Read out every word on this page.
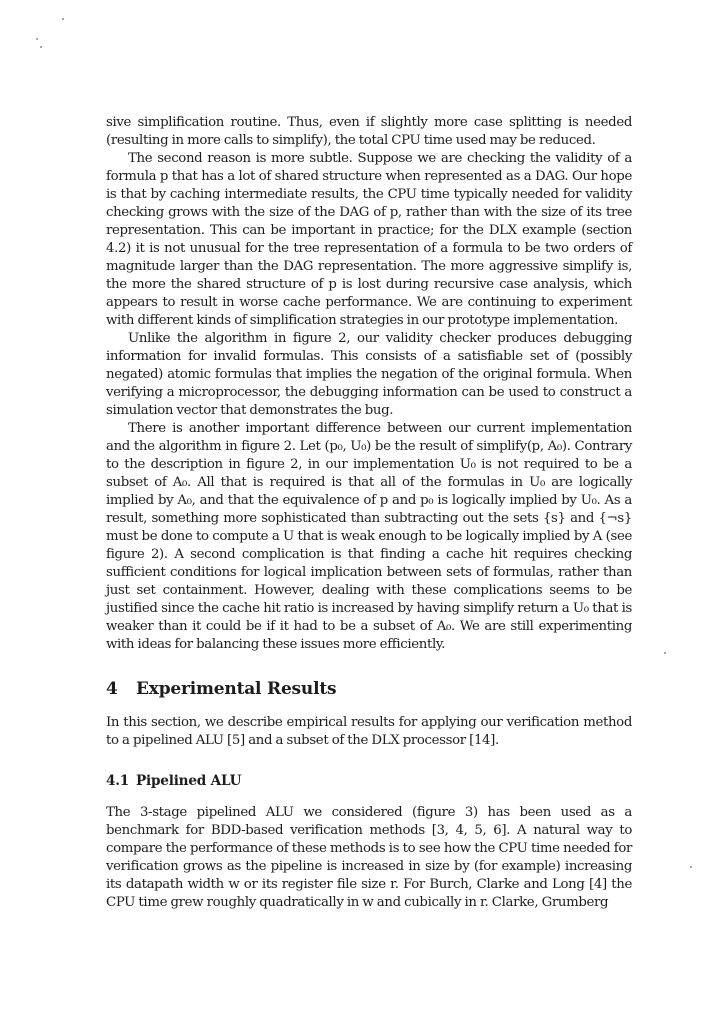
sive simplification routine. Thus, even if slightly more case splitting is needed (resulting in more calls to simplify), the total CPU time used may be reduced.

The second reason is more subtle. Suppose we are checking the validity of a formula p that has a lot of shared structure when represented as a DAG. Our hope is that by caching intermediate results, the CPU time typically needed for validity checking grows with the size of the DAG of p, rather than with the size of its tree representation. This can be important in practice; for the DLX example (section 4.2) it is not unusual for the tree representation of a formula to be two orders of magnitude larger than the DAG representation. The more aggressive simplify is, the more the shared structure of p is lost during recursive case analysis, which appears to result in worse cache performance. We are continuing to experiment with different kinds of simplification strategies in our prototype implementation.

Unlike the algorithm in figure 2, our validity checker produces debugging information for invalid formulas. This consists of a satisfiable set of (possibly negated) atomic formulas that implies the negation of the original formula. When verifying a microprocessor, the debugging information can be used to construct a simulation vector that demonstrates the bug.

There is another important difference between our current implementation and the algorithm in figure 2. Let (p₀, U₀) be the result of simplify(p, A₀). Contrary to the description in figure 2, in our implementation U₀ is not required to be a subset of A₀. All that is required is that all of the formulas in U₀ are logically implied by A₀, and that the equivalence of p and p₀ is logically implied by U₀. As a result, something more sophisticated than subtracting out the sets {s} and {¬s} must be done to compute a U that is weak enough to be logically implied by A (see figure 2). A second complication is that finding a cache hit requires checking sufficient conditions for logical implication between sets of formulas, rather than just set containment. However, dealing with these complications seems to be justified since the cache hit ratio is increased by having simplify return a U₀ that is weaker than it could be if it had to be a subset of A₀. We are still experimenting with ideas for balancing these issues more efficiently.

4 Experimental Results

In this section, we describe empirical results for applying our verification method to a pipelined ALU [5] and a subset of the DLX processor [14].

4.1 Pipelined ALU

The 3-stage pipelined ALU we considered (figure 3) has been used as a benchmark for BDD-based verification methods [3, 4, 5, 6]. A natural way to compare the performance of these methods is to see how the CPU time needed for verification grows as the pipeline is increased in size by (for example) increasing its datapath width w or its register file size r. For Burch, Clarke and Long [4] the CPU time grew roughly quadratically in w and cubically in r. Clarke, Grumberg
